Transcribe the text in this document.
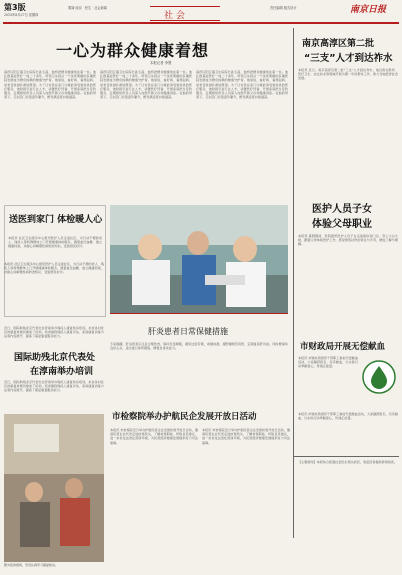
第3版
2015年8月27日 星期四
要闻·南京 · 民生 · 社会新闻	责任编辑 版式设计	南京日报
社 会
一心为群众健康着想
本报记者 李慧
高淳区阳江镇卫生院院长孙玉高，始终把群众健康放在第一位。他扎根基层医疗一线二十余年，带领卫生院从一个条件简陋的乡镇医院发展成为群众信赖的健康守护者。他常说，看好病、看得起病，是老百姓最朴素的愿望。为了让村民在家门口就能享受到优质的医疗服务，他积极引进专业人才，添置医疗设备，开展家庭医生签约服务，定期组织医务人员深入村组开展义诊和健康讲座。在他的带领下，卫生院门诊量逐年攀升，群众满意度持续提高。
高淳区阳江镇卫生院院长孙玉高，始终把群众健康放在第一位。他扎根基层医疗一线二十余年，带领卫生院从一个条件简陋的乡镇医院发展成为群众信赖的健康守护者。他常说，看好病、看得起病，是老百姓最朴素的愿望。为了让村民在家门口就能享受到优质的医疗服务，他积极引进专业人才，添置医疗设备，开展家庭医生签约服务，定期组织医务人员深入村组开展义诊和健康讲座。在他的带领下，卫生院门诊量逐年攀升，群众满意度持续提高。
高淳区阳江镇卫生院院长孙玉高，始终把群众健康放在第一位。他扎根基层医疗一线二十余年，带领卫生院从一个条件简陋的乡镇医院发展成为群众信赖的健康守护者。他常说，看好病、看得起病，是老百姓最朴素的愿望。为了让村民在家门口就能享受到优质的医疗服务，他积极引进专业人才，添置医疗设备，开展家庭医生签约服务，定期组织医务人员深入村组开展义诊和健康讲座。在他的带领下，卫生院门诊量逐年攀升，群众满意度持续提高。
送医到家门 体检暖人心
本报讯 社区卫生服务中心组织医护人员走进社区，为行动不便的老人、残疾人等特殊群体上门开展健康体检服务，测量血压血糖、建立健康档案，并耐心讲解慢性病防治知识，受到居民好评。
本报讯 社区卫生服务中心组织医护人员走进社区，为行动不便的老人、残疾人等特殊群体上门开展健康体检服务，测量血压血糖、建立健康档案，并耐心讲解慢性病防治知识，受到居民好评。
肝炎患者日常保健措施
专家提醒，肝炎患者应注意合理饮食，保持充足睡眠，避免过度劳累，戒烟戒酒，遵医嘱规范用药，定期复查肝功能。同时要保持良好心态，适当进行体育锻炼，增强自身免疫力。
近日，国际助残北京代表处在淳南举办残疾人康复知识培训，来自各村社区的康复协调员参加了培训。培训围绕残疾人康复评估、家庭康复训练方法等内容展开，提高了基层康复服务能力。
国际助残北京代表处
在淳南举办培训
近日，国际助残北京代表处在淳南举办残疾人康复知识培训，来自各村社区的康复协调员参加了培训。培训围绕残疾人康复评估、家庭康复训练方法等内容展开，提高了基层康复服务能力。
图为培训现场，学员认真学习康复知识。
市检察院举办护航民企发展开放日活动
本报讯 市检察院近日举办护航民营企业发展检察开放日活动，邀请民营企业代表走进检察机关，了解检察职能，听取意见建议，进一步优化法治化营商环境，为民营经济健康发展提供有力司法保障。
本报讯 市检察院近日举办护航民营企业发展检察开放日活动，邀请民营企业代表走进检察机关，了解检察职能，听取意见建议，进一步优化法治化营商环境，为民营经济健康发展提供有力司法保障。
南京高淳区第二批
“三支”人才到达祚水
本报讯 近日，南京高淳区第二批“三支”人才到达祚水，他们将在教育、医疗卫生、农业技术等领域开展为期一年的帮扶工作，助力当地经济社会发展。
医护人员子女
体验父母职业
本报讯 暑假期间，医院组织医护人员子女走进病房和门诊，穿上小白大褂，跟随父母体验医护工作，感受救死扶伤的责任与辛劳，增进了解与理解。
市财政局开展无偿献血
本报讯 市财政局组织干部职工参加无偿献血活动，大家踊跃报名、有序献血，以实际行动奉献爱心，传递正能量。
本报讯 市财政局组织干部职工参加无偿献血活动，大家踊跃报名、有序献血，以实际行动奉献爱心，传递正能量。
【主要新闻】本版综合报道社会民生相关消息，欢迎读者提供新闻线索。
